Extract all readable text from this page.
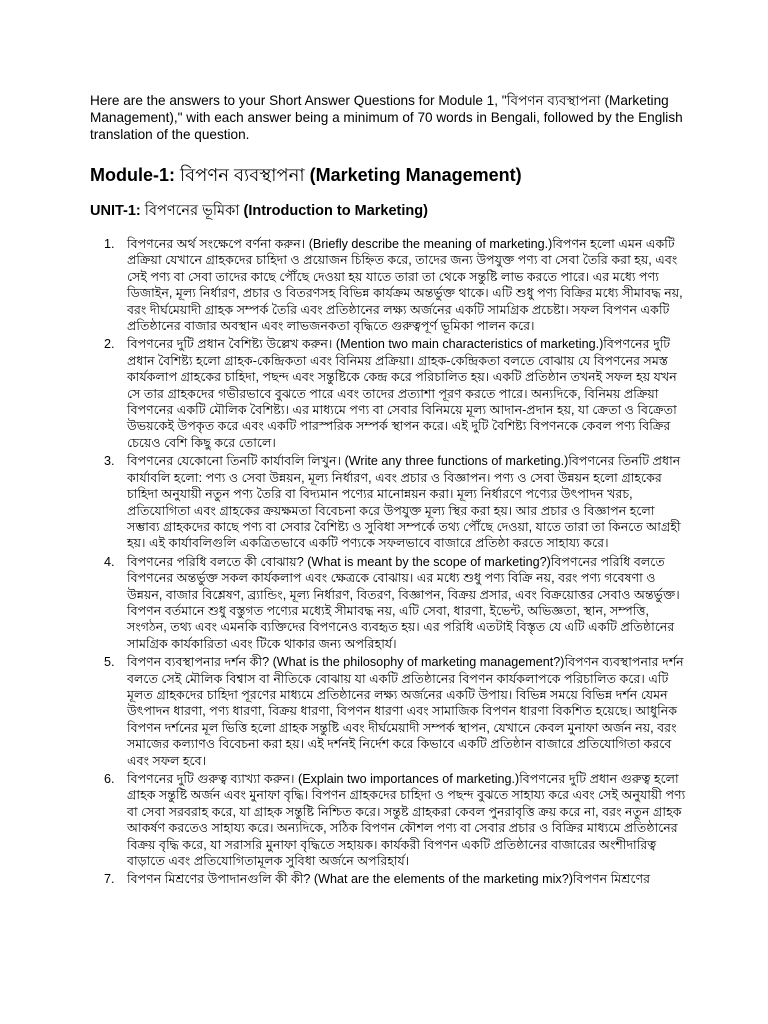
Here are the answers to your Short Answer Questions for Module 1, "বিপণন ব্যবস্থাপনা (Marketing Management)," with each answer being a minimum of 70 words in Bengali, followed by the English translation of the question.

Module-1: বিপণন ব্যবস্থাপনা (Marketing Management)
UNIT-1: বিপণনের ভূমিকা (Introduction to Marketing)
1. বিপণনের অর্থ সংক্ষেপে বর্ণনা করুন। (Briefly describe the meaning of marketing.)বিপণন হলো এমন একটি প্রক্রিয়া যেখানে গ্রাহকদের চাহিদা ও প্রয়োজন চিহ্নিত করে, তাদের জন্য উপযুক্ত পণ্য বা সেবা তৈরি করা হয়, এবং সেই পণ্য বা সেবা তাদের কাছে পৌঁছে দেওয়া হয় যাতে তারা তা থেকে সন্তুষ্টি লাভ করতে পারে। এর মধ্যে পণ্য ডিজাইন, মূল্য নির্ধারণ, প্রচার ও বিতরণসহ বিভিন্ন কার্যক্রম অন্তর্ভুক্ত থাকে। এটি শুধু পণ্য বিক্রির মধ্যে সীমাবদ্ধ নয়, বরং দীর্ঘমেয়াদী গ্রাহক সম্পর্ক তৈরি এবং প্রতিষ্ঠানের লক্ষ্য অর্জনের একটি সামগ্রিক প্রচেষ্টা। সফল বিপণন একটি প্রতিষ্ঠানের বাজার অবস্থান এবং লাভজনকতা বৃদ্ধিতে গুরুত্বপূর্ণ ভূমিকা পালন করে।
2. বিপণনের দুটি প্রধান বৈশিষ্ট্য উল্লেখ করুন। (Mention two main characteristics of marketing.)বিপণনের দুটি প্রধান বৈশিষ্ট্য হলো গ্রাহক-কেন্দ্রিকতা এবং বিনিময় প্রক্রিয়া। গ্রাহক-কেন্দ্রিকতা বলতে বোঝায় যে বিপণনের সমস্ত কার্যকলাপ গ্রাহকের চাহিদা, পছন্দ এবং সন্তুষ্টিকে কেন্দ্র করে পরিচালিত হয়। একটি প্রতিষ্ঠান তখনই সফল হয় যখন সে তার গ্রাহকদের গভীরভাবে বুঝতে পারে এবং তাদের প্রত্যাশা পূরণ করতে পারে। অন্যদিকে, বিনিময় প্রক্রিয়া বিপণনের একটি মৌলিক বৈশিষ্ট্য। এর মাধ্যমে পণ্য বা সেবার বিনিময়ে মূল্য আদান-প্রদান হয়, যা ক্রেতা ও বিক্রেতা উভয়কেই উপকৃত করে এবং একটি পারস্পরিক সম্পর্ক স্থাপন করে। এই দুটি বৈশিষ্ট্য বিপণনকে কেবল পণ্য বিক্রির চেয়েও বেশি কিছু করে তোলে।
3. বিপণনের যেকোনো তিনটি কার্যাবলি লিখুন। (Write any three functions of marketing.)বিপণনের তিনটি প্রধান কার্যাবলি হলো: পণ্য ও সেবা উন্নয়ন, মূল্য নির্ধারণ, এবং প্রচার ও বিজ্ঞাপন। পণ্য ও সেবা উন্নয়ন হলো গ্রাহকের চাহিদা অনুযায়ী নতুন পণ্য তৈরি বা বিদ্যমান পণ্যের মানোন্নয়ন করা। মূল্য নির্ধারণে পণ্যের উৎপাদন খরচ, প্রতিযোগিতা এবং গ্রাহকের ক্রয়ক্ষমতা বিবেচনা করে উপযুক্ত মূল্য স্থির করা হয়। আর প্রচার ও বিজ্ঞাপন হলো সম্ভাব্য গ্রাহকদের কাছে পণ্য বা সেবার বৈশিষ্ট্য ও সুবিধা সম্পর্কে তথ্য পৌঁছে দেওয়া, যাতে তারা তা কিনতে আগ্রহী হয়। এই কার্যাবলিগুলি একত্রিতভাবে একটি পণ্যকে সফলভাবে বাজারে প্রতিষ্ঠা করতে সাহায্য করে।
4. বিপণনের পরিধি বলতে কী বোঝায়? (What is meant by the scope of marketing?)বিপণনের পরিধি বলতে বিপণনের অন্তর্ভুক্ত সকল কার্যকলাপ এবং ক্ষেত্রকে বোঝায়। এর মধ্যে শুধু পণ্য বিক্রি নয়, বরং পণ্য গবেষণা ও উন্নয়ন, বাজার বিশ্লেষণ, ব্র্যান্ডিং, মূল্য নির্ধারণ, বিতরণ, বিজ্ঞাপন, বিক্রয় প্রসার, এবং বিক্রয়োত্তর সেবাও অন্তর্ভুক্ত। বিপণন বর্তমানে শুধু বস্তুগত পণ্যের মধ্যেই সীমাবদ্ধ নয়, এটি সেবা, ধারণা, ইভেন্ট, অভিজ্ঞতা, স্থান, সম্পত্তি, সংগঠন, তথ্য এবং এমনকি ব্যক্তিদের বিপণনেও ব্যবহৃত হয়। এর পরিধি এতটাই বিস্তৃত যে এটি একটি প্রতিষ্ঠানের সামগ্রিক কার্যকারিতা এবং টিকে থাকার জন্য অপরিহার্য।
5. বিপণন ব্যবস্থাপনার দর্শন কী? (What is the philosophy of marketing management?)বিপণন ব্যবস্থাপনার দর্শন বলতে সেই মৌলিক বিশ্বাস বা নীতিকে বোঝায় যা একটি প্রতিষ্ঠানের বিপণন কার্যকলাপকে পরিচালিত করে। এটি মূলত গ্রাহকদের চাহিদা পূরণের মাধ্যমে প্রতিষ্ঠানের লক্ষ্য অর্জনের একটি উপায়। বিভিন্ন সময়ে বিভিন্ন দর্শন যেমন উৎপাদন ধারণা, পণ্য ধারণা, বিক্রয় ধারণা, বিপণন ধারণা এবং সামাজিক বিপণন ধারণা বিকশিত হয়েছে। আধুনিক বিপণন দর্শনের মূল ভিত্তি হলো গ্রাহক সন্তুষ্টি এবং দীর্ঘমেয়াদী সম্পর্ক স্থাপন, যেখানে কেবল মুনাফা অর্জন নয়, বরং সমাজের কল্যাণও বিবেচনা করা হয়। এই দর্শনই নির্দেশ করে কিভাবে একটি প্রতিষ্ঠান বাজারে প্রতিযোগিতা করবে এবং সফল হবে।
6. বিপণনের দুটি গুরুত্ব ব্যাখ্যা করুন। (Explain two importances of marketing.)বিপণনের দুটি প্রধান গুরুত্ব হলো গ্রাহক সন্তুষ্টি অর্জন এবং মুনাফা বৃদ্ধি। বিপণন গ্রাহকদের চাহিদা ও পছন্দ বুঝতে সাহায্য করে এবং সেই অনুযায়ী পণ্য বা সেবা সরবরাহ করে, যা গ্রাহক সন্তুষ্টি নিশ্চিত করে। সন্তুষ্ট গ্রাহকরা কেবল পুনরাবৃত্তি ক্রয় করে না, বরং নতুন গ্রাহক আকর্ষণ করতেও সাহায্য করে। অন্যদিকে, সঠিক বিপণন কৌশল পণ্য বা সেবার প্রচার ও বিক্রির মাধ্যমে প্রতিষ্ঠানের বিক্রয় বৃদ্ধি করে, যা সরাসরি মুনাফা বৃদ্ধিতে সহায়ক। কার্যকরী বিপণন একটি প্রতিষ্ঠানের বাজারের অংশীদারিত্ব বাড়াতে এবং প্রতিযোগিতামূলক সুবিধা অর্জনে অপরিহার্য।
7. বিপণন মিশ্রণের উপাদানগুলি কী কী? (What are the elements of the marketing mix?)বিপণন মিশ্রণের
